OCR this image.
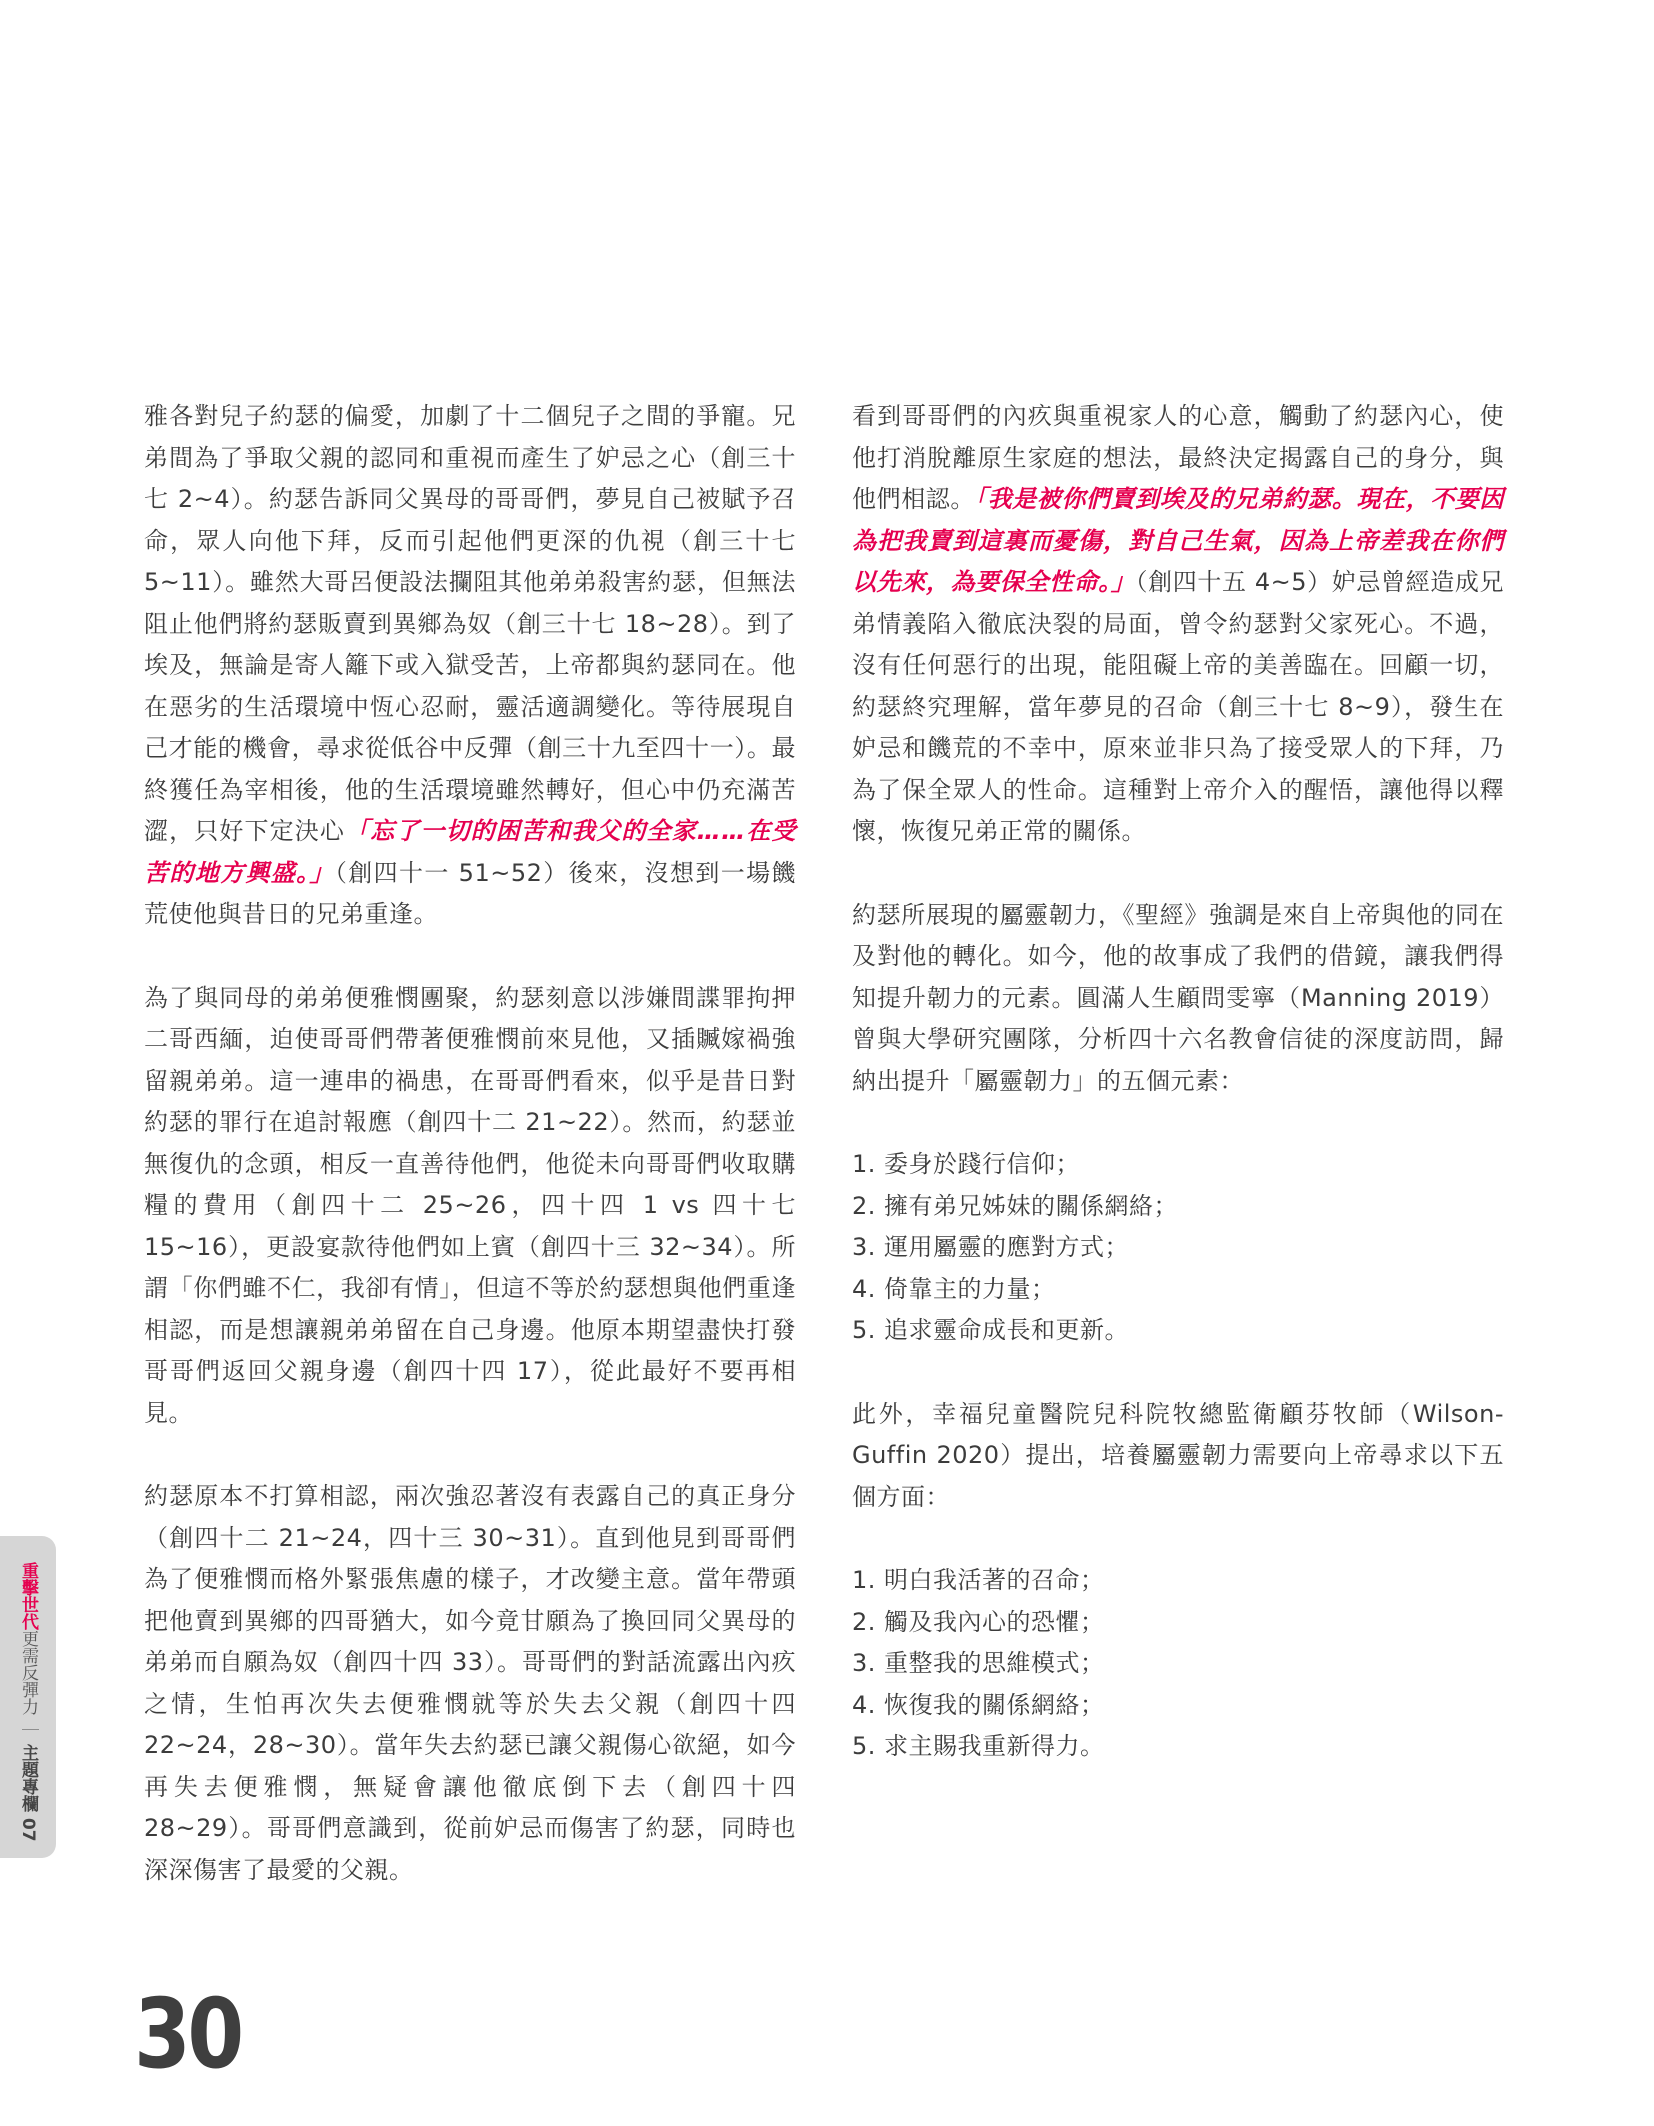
雅各對兒子約瑟的偏愛，加劇了十二個兒子之間的爭寵。兄弟間為了爭取父親的認同和重視而產生了妒忌之心（創三十七 2~4）。約瑟告訴同父異母的哥哥們，夢見自己被賦予召命，眾人向他下拜，反而引起他們更深的仇視（創三十七 5~11）。雖然大哥呂便設法攔阻其他弟弟殺害約瑟，但無法阻止他們將約瑟販賣到異鄉為奴（創三十七 18~28）。到了埃及，無論是寄人籬下或入獄受苦，上帝都與約瑟同在。他在惡劣的生活環境中恆心忍耐，靈活適調變化。等待展現自己才能的機會，尋求從低谷中反彈（創三十九至四十一）。最終獲任為宰相後，他的生活環境雖然轉好，但心中仍充滿苦澀，只好下定決心「忘了一切的困苦和我父的全家……在受苦的地方興盛。」（創四十一 51~52）後來，沒想到一場饑荒使他與昔日的兄弟重逢。

為了與同母的弟弟便雅憫團聚，約瑟刻意以涉嫌間諜罪拘押二哥西緬，迫使哥哥們帶著便雅憫前來見他，又插贓嫁禍強留親弟弟。這一連串的禍患，在哥哥們看來，似乎是昔日對約瑟的罪行在追討報應（創四十二 21~22）。然而，約瑟並無復仇的念頭，相反一直善待他們，他從未向哥哥們收取購糧的費用（創四十二 25~26，四十四 1 vs 四十七 15~16），更設宴款待他們如上賓（創四十三 32~34）。所謂「你們雖不仁，我卻有情」，但這不等於約瑟想與他們重逢相認，而是想讓親弟弟留在自己身邊。他原本期望盡快打發哥哥們返回父親身邊（創四十四 17），從此最好不要再相見。

約瑟原本不打算相認，兩次強忍著沒有表露自己的真正身分（創四十二 21~24，四十三 30~31）。直到他見到哥哥們為了便雅憫而格外緊張焦慮的樣子，才改變主意。當年帶頭把他賣到異鄉的四哥猶大，如今竟甘願為了換回同父異母的弟弟而自願為奴（創四十四 33）。哥哥們的對話流露出內疚之情，生怕再次失去便雅憫就等於失去父親（創四十四 22~24，28~30）。當年失去約瑟已讓父親傷心欲絕，如今再失去便雅憫，無疑會讓他徹底倒下去（創四十四 28~29）。哥哥們意識到，從前妒忌而傷害了約瑟，同時也深深傷害了最愛的父親。

看到哥哥們的內疚與重視家人的心意，觸動了約瑟內心，使他打消脫離原生家庭的想法，最終決定揭露自己的身分，與他們相認。「我是被你們賣到埃及的兄弟約瑟。現在，不要因為把我賣到這裏而憂傷，對自己生氣，因為上帝差我在你們以先來，為要保全性命。」（創四十五 4~5）妒忌曾經造成兄弟情義陷入徹底決裂的局面，曾令約瑟對父家死心。不過，沒有任何惡行的出現，能阻礙上帝的美善臨在。回顧一切，約瑟終究理解，當年夢見的召命（創三十七 8~9），發生在妒忌和饑荒的不幸中，原來並非只為了接受眾人的下拜，乃為了保全眾人的性命。這種對上帝介入的醒悟，讓他得以釋懷，恢復兄弟正常的關係。

約瑟所展現的屬靈韌力，《聖經》強調是來自上帝與他的同在及對他的轉化。如今，他的故事成了我們的借鏡，讓我們得知提升韌力的元素。圓滿人生顧問雯寧（Manning 2019）曾與大學研究團隊，分析四十六名教會信徒的深度訪問，歸納出提升「屬靈韌力」的五個元素：

1. 委身於踐行信仰；
2. 擁有弟兄姊妹的關係網絡；
3. 運用屬靈的應對方式；
4. 倚靠主的力量；
5. 追求靈命成長和更新。

此外，幸福兒童醫院兒科院牧總監衛顧芬牧師（Wilson-Guffin 2020）提出，培養屬靈韌力需要向上帝尋求以下五個方面：

1. 明白我活著的召命；
2. 觸及我內心的恐懼；
3. 重整我的思維模式；
4. 恢復我的關係網絡；
5. 求主賜我重新得力。
重擊世代更需反彈力｜主題專欄 07
30
